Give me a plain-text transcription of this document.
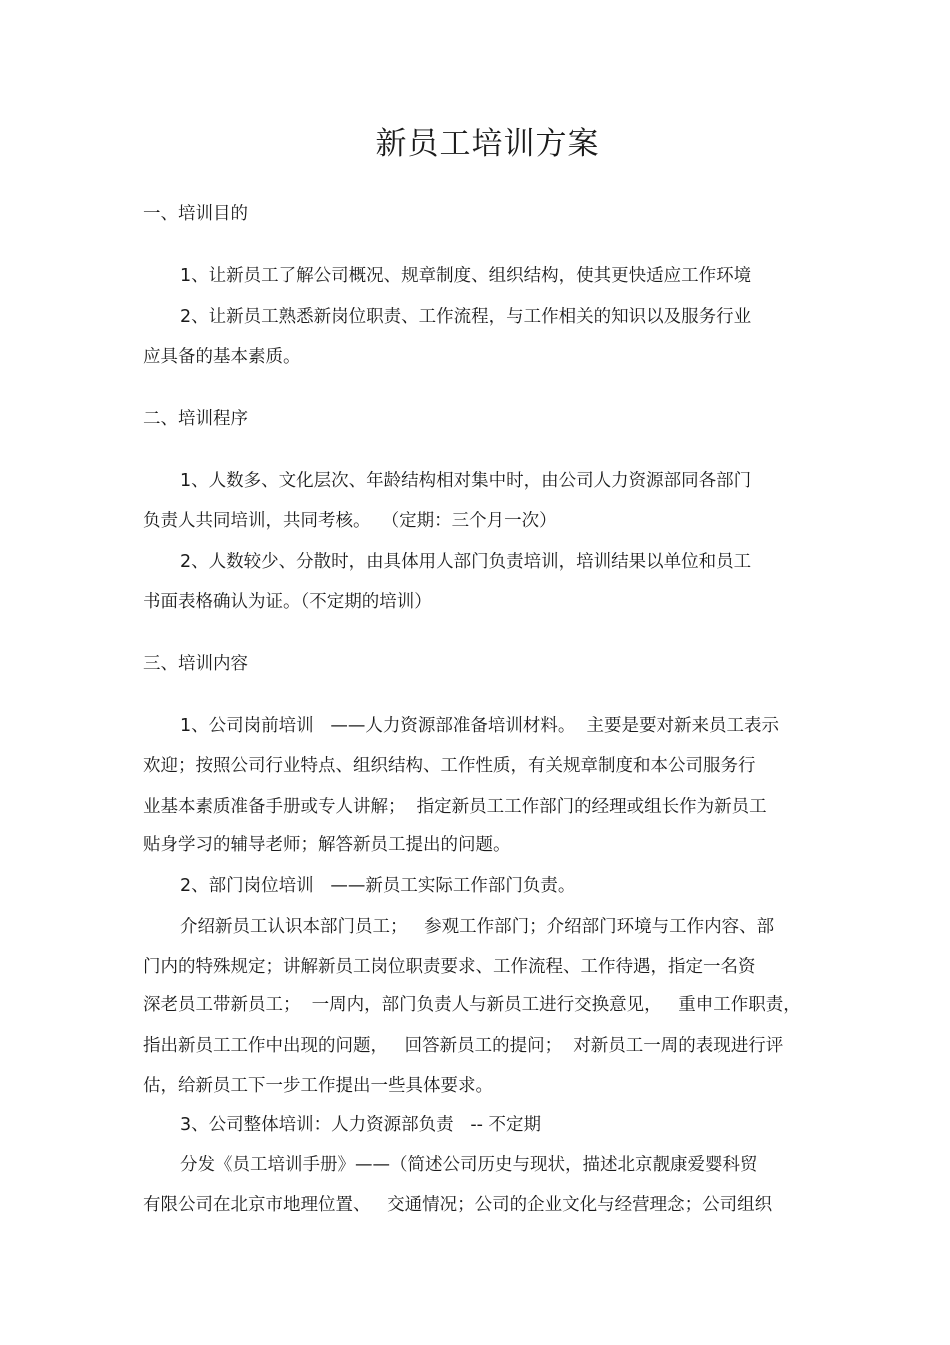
新员工培训方案
一、培训目的
1、让新员工了解公司概况、规章制度、组织结构，使其更快适应工作环境
2、让新员工熟悉新岗位职责、工作流程，与工作相关的知识以及服务行业
应具备的基本素质。
二、培训程序
1、人数多、文化层次、年龄结构相对集中时，由公司人力资源部同各部门
负责人共同培训，共同考核。  （定期：三个月一次）
2、人数较少、分散时，由具体用人部门负责培训，培训结果以单位和员工
书面表格确认为证。（不定期的培训）
三、培训内容
1、公司岗前培训   ——人力资源部准备培训材料。  主要是要对新来员工表示
欢迎；按照公司行业特点、组织结构、工作性质，有关规章制度和本公司服务行
业基本素质准备手册或专人讲解；  指定新员工工作部门的经理或组长作为新员工
贴身学习的辅导老师；解答新员工提出的问题。
2、部门岗位培训   ——新员工实际工作部门负责。
介绍新员工认识本部门员工；   参观工作部门；介绍部门环境与工作内容、部
门内的特殊规定；讲解新员工岗位职责要求、工作流程、工作待遇，指定一名资
深老员工带新员工；  一周内，部门负责人与新员工进行交换意见，   重申工作职责，
指出新员工工作中出现的问题，   回答新员工的提问；  对新员工一周的表现进行评
估，给新员工下一步工作提出一些具体要求。
3、公司整体培训：人力资源部负责   -- 不定期
分发《员工培训手册》——（简述公司历史与现状，描述北京靓康爱婴科贸
有限公司在北京市地理位置、   交通情况；公司的企业文化与经营理念；公司组织
